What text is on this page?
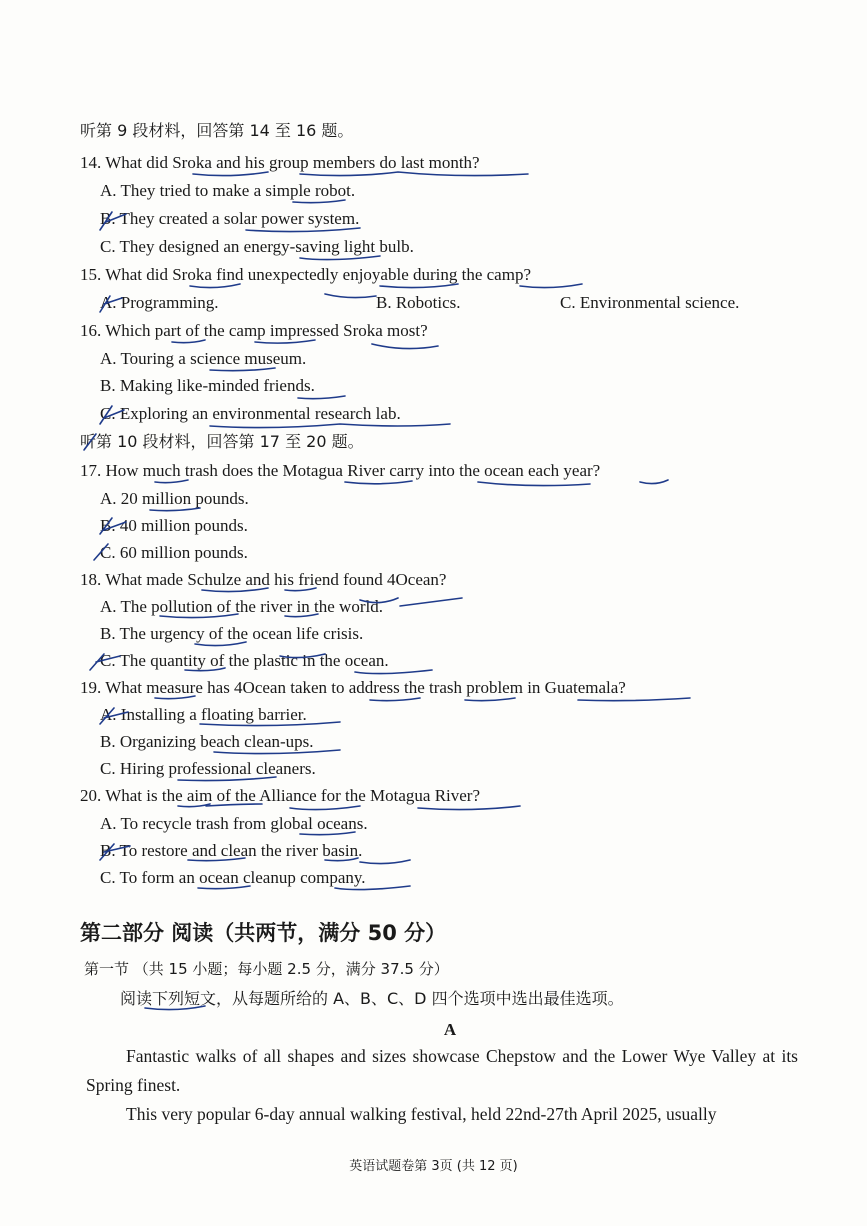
听第 9 段材料，回答第 14 至 16 题。
14. What did Sroka and his group members do last month?
A. They tried to make a simple robot.
B. They created a solar power system.
C. They designed an energy-saving light bulb.
15. What did Sroka find unexpectedly enjoyable during the camp?
A. Programming.	B. Robotics.	C. Environmental science.
16. Which part of the camp impressed Sroka most?
A. Touring a science museum.
B. Making like-minded friends.
C. Exploring an environmental research lab.
听第 10 段材料，回答第 17 至 20 题。
17. How much trash does the Motagua River carry into the ocean each year?
A. 20 million pounds.
B. 40 million pounds.
C. 60 million pounds.
18. What made Schulze and his friend found 4Ocean?
A. The pollution of the river in the world.
B. The urgency of the ocean life crisis.
C. The quantity of the plastic in the ocean.
19. What measure has 4Ocean taken to address the trash problem in Guatemala?
A. Installing a floating barrier.
B. Organizing beach clean-ups.
C. Hiring professional cleaners.
20. What is the aim of the Alliance for the Motagua River?
A. To recycle trash from global oceans.
B. To restore and clean the river basin.
C. To form an ocean cleanup company.
第二部分 阅读（共两节，满分 50 分）
第一节 （共 15 小题；每小题 2.5 分，满分 37.5 分）
阅读下列短文，从每题所给的 A、B、C、D 四个选项中选出最佳选项。
A
Fantastic walks of all shapes and sizes showcase Chepstow and the Lower Wye Valley at its Spring finest.
This very popular 6-day annual walking festival, held 22nd-27th April 2025, usually
英语试题卷第 3页 (共 12 页)
